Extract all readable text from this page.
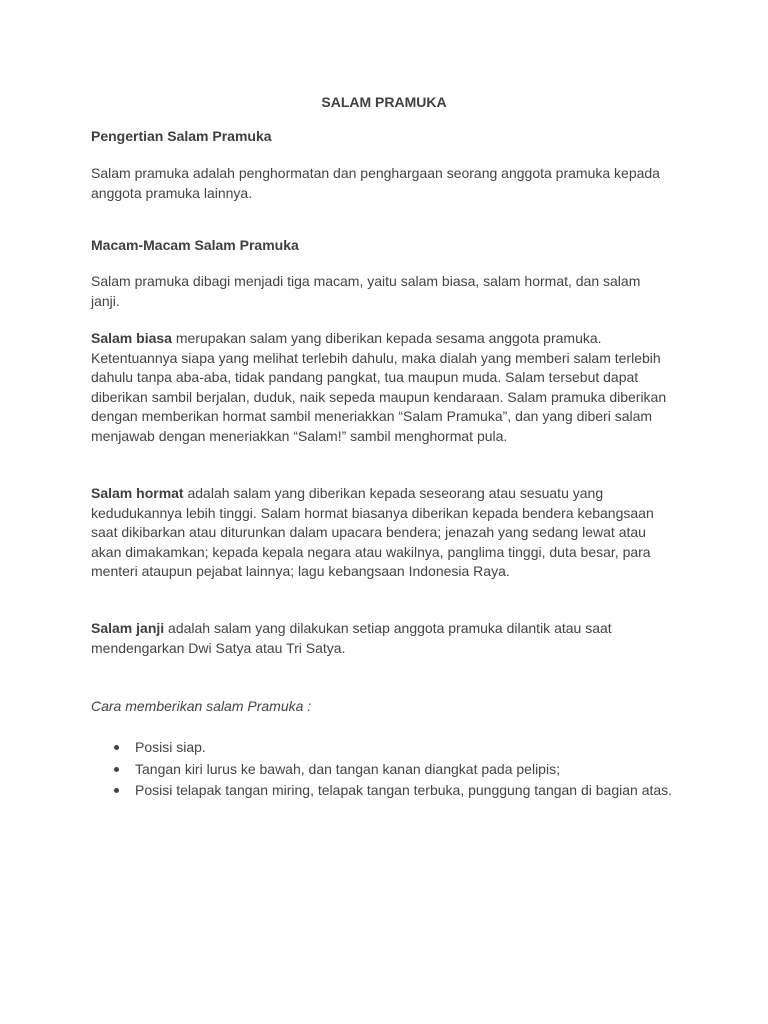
SALAM PRAMUKA

Pengertian Salam Pramuka

Salam pramuka adalah penghormatan dan penghargaan seorang anggota pramuka kepada anggota pramuka lainnya.

Macam-Macam Salam Pramuka

Salam pramuka dibagi menjadi tiga macam, yaitu salam biasa, salam hormat, dan salam janji.

Salam biasa merupakan salam yang diberikan kepada sesama anggota pramuka. Ketentuannya siapa yang melihat terlebih dahulu, maka dialah yang memberi salam terlebih dahulu tanpa aba-aba, tidak pandang pangkat, tua maupun muda. Salam tersebut dapat diberikan sambil berjalan, duduk, naik sepeda maupun kendaraan. Salam pramuka diberikan dengan memberikan hormat sambil meneriakkan “Salam Pramuka”, dan yang diberi salam menjawab dengan meneriakkan “Salam!” sambil menghormat pula.

Salam hormat adalah salam yang diberikan kepada seseorang atau sesuatu yang kedudukannya lebih tinggi. Salam hormat biasanya diberikan kepada bendera kebangsaan saat dikibarkan atau diturunkan dalam upacara bendera; jenazah yang sedang lewat atau akan dimakamkan; kepada kepala negara atau wakilnya, panglima tinggi, duta besar, para menteri ataupun pejabat lainnya; lagu kebangsaan Indonesia Raya.

Salam janji adalah salam yang dilakukan setiap anggota pramuka dilantik atau saat mendengarkan Dwi Satya atau Tri Satya.

Cara memberikan salam Pramuka :

Posisi siap.
Tangan kiri lurus ke bawah, dan tangan kanan diangkat pada pelipis;
Posisi telapak tangan miring, telapak tangan terbuka, punggung tangan di bagian atas.
